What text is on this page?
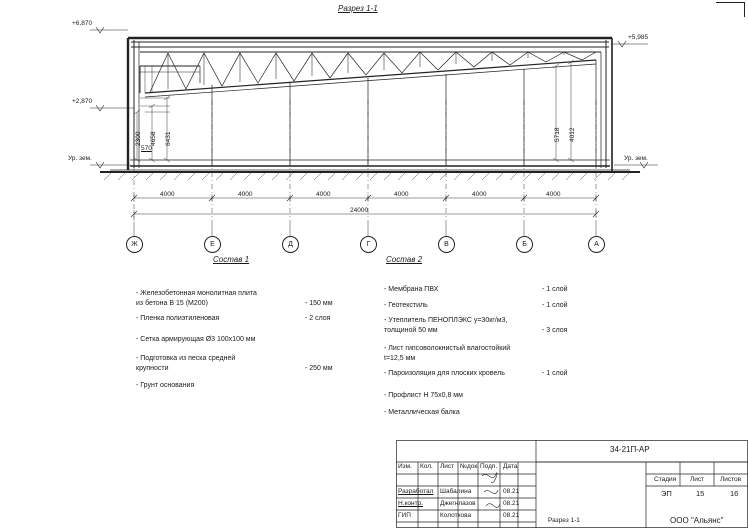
Разрез 1-1
+6,870
+5,985
+2,870
Ур. зем.	Ур. зем.
2300 4658 6431	5718 4012
570
4000	4000	4000	4000	4000	4000
24000
Ж	Е	Д	Г	В	Б	А
Состав 1
- Железобетонная монолитная плита
из бетона В 15 (М200)	- 150 мм
- Пленка полиэтиленовая	- 2 слоя
- Сетка армирующая Ø3 100х100 мм
- Подготовка из песка средней
крупности	- 250 мм
- Грунт основания
Состав 2
- Мембрана ПВХ	- 1 слой
- Геотекстиль	- 1 слой
- Утеплитель ПЕНОПЛЭКС y=30кг/м3,
толщиной 50 мм	- 3 слоя
- Лист гипсоволокнистый влагостойкий
t=12,5 мм
- Пароизоляция для плоских кровель	- 1 слой
- Профлист Н 75х0,8 мм
- Металлическая балка
34-21П-АР
Изм. Кол. Лист №док Подп. Дата
Разработал Шабалина	08.21
Н.контр.	Джегнлазов	08.21
ГИП	Колоткова	08.21
Стадия Лист Листов
ЭП	15	16
Разрез 1-1	ООО "Альянс"
